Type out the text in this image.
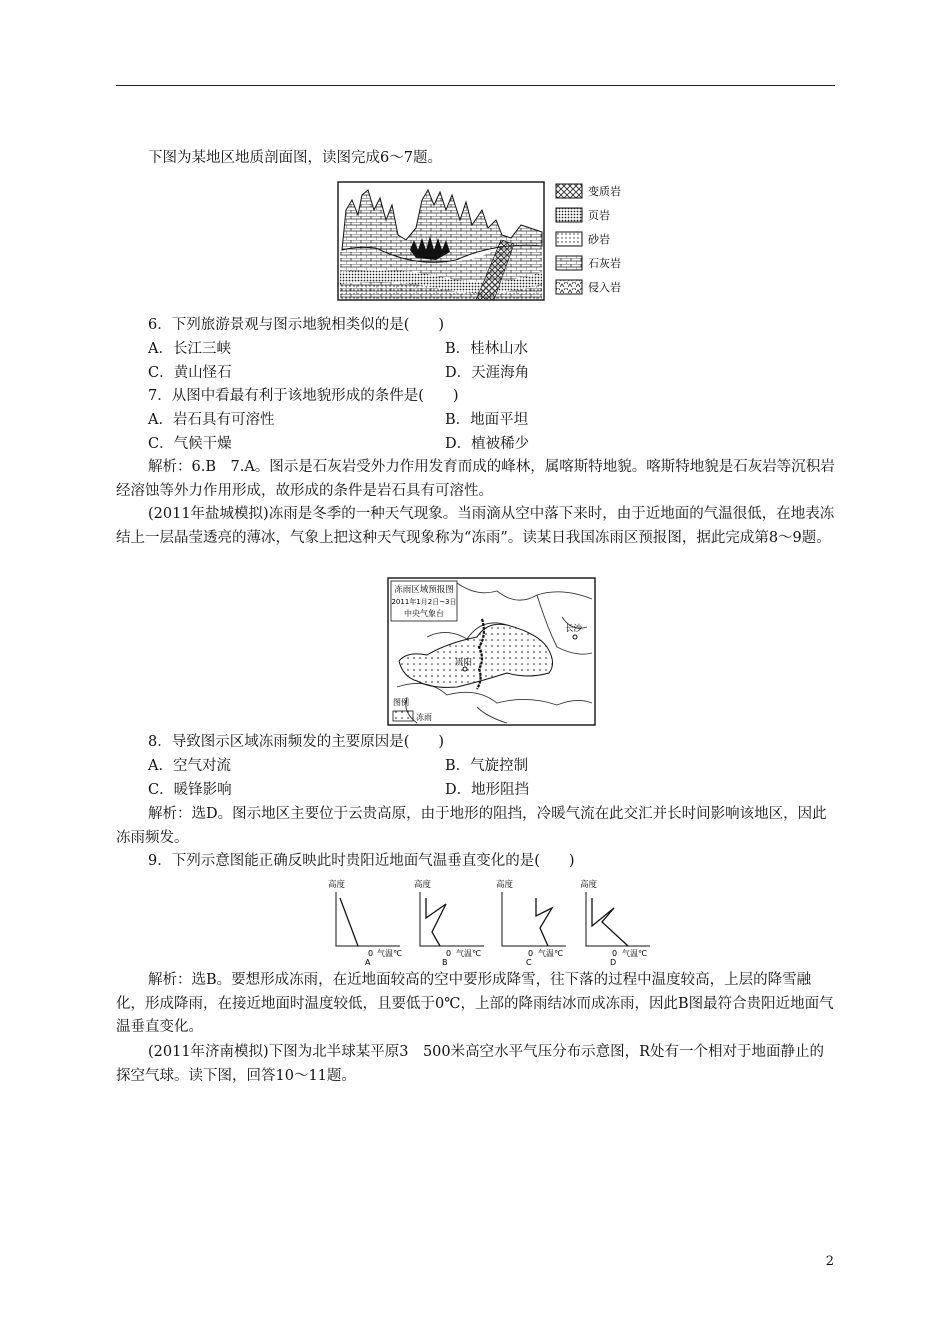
下图为某地区地质剖面图，读图完成6～7题。
变质岩
页岩
砂岩
石灰岩
侵入岩
6．下列旅游景观与图示地貌相类似的是(　　)
A．长江三峡	B．桂林山水
C．黄山怪石	D．天涯海角
7．从图中看最有利于该地貌形成的条件是(　　)
A．岩石具有可溶性	B．地面平坦
C．气候干燥	D．植被稀少
解析：6.B　7.A。图示是石灰岩受外力作用发育而成的峰林，属喀斯特地貌。喀斯特地貌是石灰岩等沉积岩经溶蚀等外力作用形成，故形成的条件是岩石具有可溶性。
(2011年盐城模拟)冻雨是冬季的一种天气现象。当雨滴从空中落下来时，由于近地面的气温很低，在地表冻结上一层晶莹透亮的薄冰，气象上把这种天气现象称为“冻雨”。读某日我国冻雨区预报图，据此完成第8～9题。
冻雨区域预报图
2011年1月2日~3日
中央气象台
贵阳
长沙
图例
冻雨
8．导致图示区域冻雨频发的主要原因是(　　)
A．空气对流	B．气旋控制
C．暖锋影响	D．地形阻挡
解析：选D。图示地区主要位于云贵高原，由于地形的阻挡，冷暖气流在此交汇并长时间影响该地区，因此冻雨频发。
9．下列示意图能正确反映此时贵阳近地面气温垂直变化的是(　　)
高度
0 气温℃
A
高度
0 气温℃
B
高度
0 气温℃
C
高度
0 气温℃
D
解析：选B。要想形成冻雨，在近地面较高的空中要形成降雪，往下落的过程中温度较高，上层的降雪融化，形成降雨，在接近地面时温度较低，且要低于0℃，上部的降雨结冰而成冻雨，因此B图最符合贵阳近地面气温垂直变化。
(2011年济南模拟)下图为北半球某平原3　500米高空水平气压分布示意图，R处有一个相对于地面静止的探空气球。读下图，回答10～11题。
2
